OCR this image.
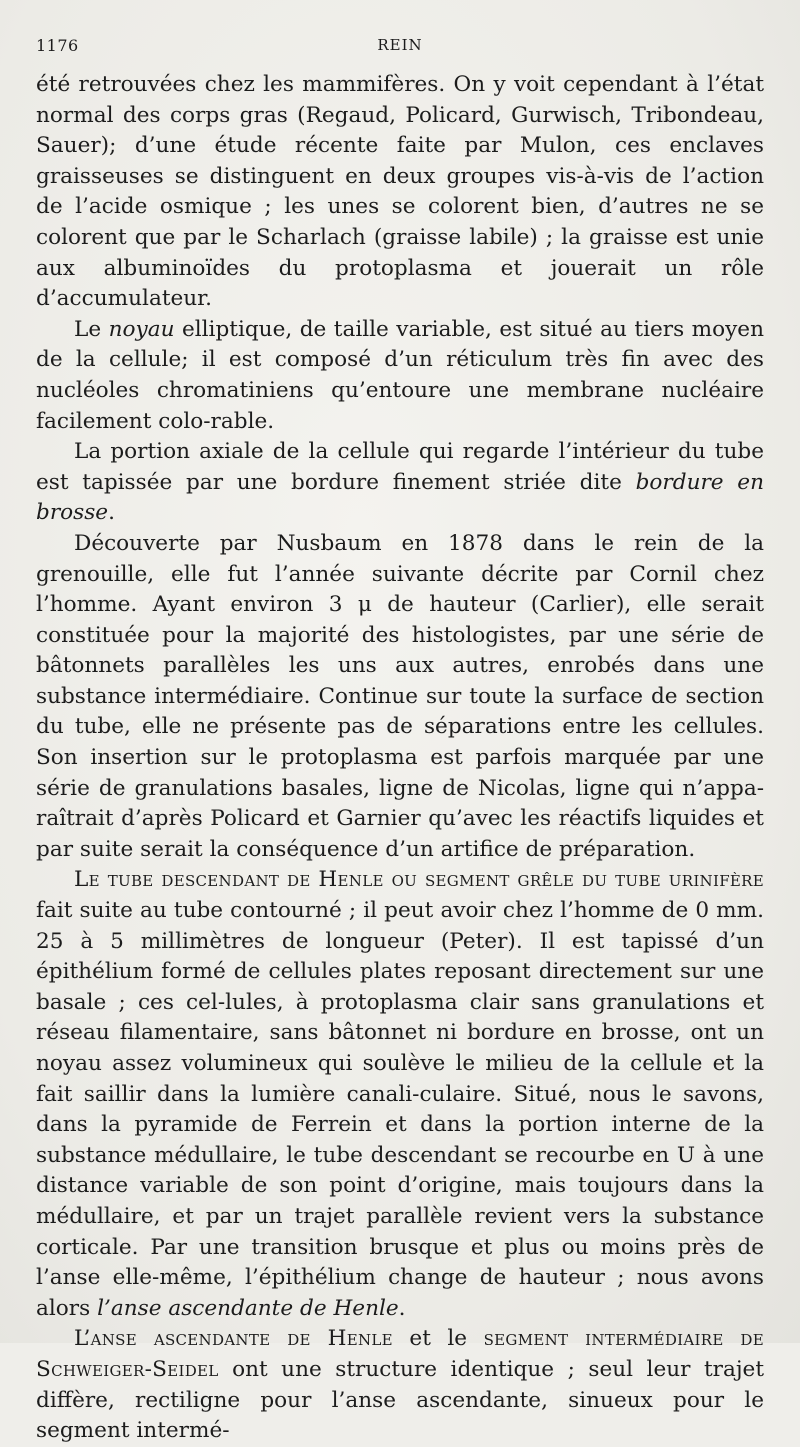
1176	REIN

été retrouvées chez les mammifères. On y voit cependant à l’état normal des corps gras (Regaud, Policard, Gurwisch, Tribondeau, Sauer); d’une étude récente faite par Mulon, ces enclaves graisseuses se distinguent en deux groupes vis-à-vis de l’action de l’acide osmique ; les unes se colorent bien, d’autres ne se colorent que par le Scharlach (graisse labile) ; la graisse est unie aux albuminoïdes du protoplasma et jouerait un rôle d’accumulateur.

Le noyau elliptique, de taille variable, est situé au tiers moyen de la cellule; il est composé d’un réticulum très fin avec des nucléoles chromatiniens qu’entoure une membrane nucléaire facilement colo-rable.

La portion axiale de la cellule qui regarde l’intérieur du tube est tapissée par une bordure finement striée dite bordure en brosse.

Découverte par Nusbaum en 1878 dans le rein de la grenouille, elle fut l’année suivante décrite par Cornil chez l’homme. Ayant environ 3 μ de hauteur (Carlier), elle serait constituée pour la majorité des histologistes, par une série de bâtonnets parallèles les uns aux autres, enrobés dans une substance intermédiaire. Continue sur toute la surface de section du tube, elle ne présente pas de séparations entre les cellules. Son insertion sur le protoplasma est parfois marquée par une série de granulations basales, ligne de Nicolas, ligne qui n’appa-raîtrait d’après Policard et Garnier qu’avec les réactifs liquides et par suite serait la conséquence d’un artifice de préparation.

Le tube descendant de Henle ou segment grêle du tube urinifère fait suite au tube contourné ; il peut avoir chez l’homme de 0 mm. 25 à 5 millimètres de longueur (Peter). Il est tapissé d’un épithélium formé de cellules plates reposant directement sur une basale ; ces cel-lules, à protoplasma clair sans granulations et réseau filamentaire, sans bâtonnet ni bordure en brosse, ont un noyau assez volumineux qui soulève le milieu de la cellule et la fait saillir dans la lumière canali-culaire. Situé, nous le savons, dans la pyramide de Ferrein et dans la portion interne de la substance médullaire, le tube descendant se recourbe en U à une distance variable de son point d’origine, mais toujours dans la médullaire, et par un trajet parallèle revient vers la substance corticale. Par une transition brusque et plus ou moins près de l’anse elle-même, l’épithélium change de hauteur ; nous avons alors l’anse ascendante de Henle.

L’anse ascendante de Henle et le segment intermédiaire de Schweiger-Seidel ont une structure identique ; seul leur trajet diffère, rectiligne pour l’anse ascendante, sinueux pour le segment intermé-
